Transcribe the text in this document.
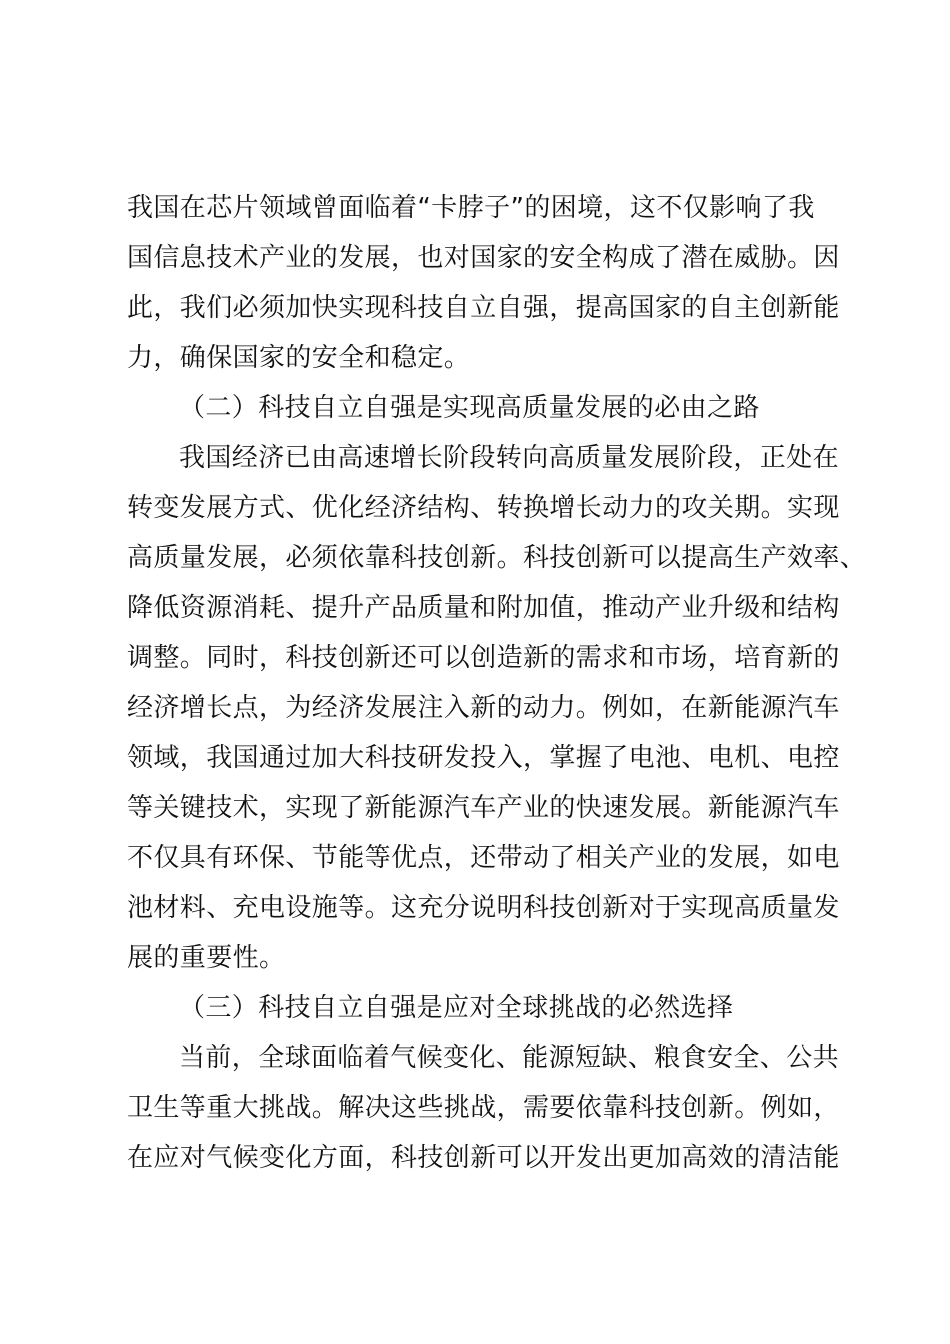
我国在芯片领域曾面临着“卡脖子”的困境，这不仅影响了我
国信息技术产业的发展，也对国家的安全构成了潜在威胁。因
此，我们必须加快实现科技自立自强，提高国家的自主创新能
力，确保国家的安全和稳定。
（二）科技自立自强是实现高质量发展的必由之路
我国经济已由高速增长阶段转向高质量发展阶段，正处在
转变发展方式、优化经济结构、转换增长动力的攻关期。实现
高质量发展，必须依靠科技创新。科技创新可以提高生产效率、
降低资源消耗、提升产品质量和附加值，推动产业升级和结构
调整。同时，科技创新还可以创造新的需求和市场，培育新的
经济增长点，为经济发展注入新的动力。例如，在新能源汽车
领域，我国通过加大科技研发投入，掌握了电池、电机、电控
等关键技术，实现了新能源汽车产业的快速发展。新能源汽车
不仅具有环保、节能等优点，还带动了相关产业的发展，如电
池材料、充电设施等。这充分说明科技创新对于实现高质量发
展的重要性。
（三）科技自立自强是应对全球挑战的必然选择
当前，全球面临着气候变化、能源短缺、粮食安全、公共
卫生等重大挑战。解决这些挑战，需要依靠科技创新。例如，
在应对气候变化方面，科技创新可以开发出更加高效的清洁能
